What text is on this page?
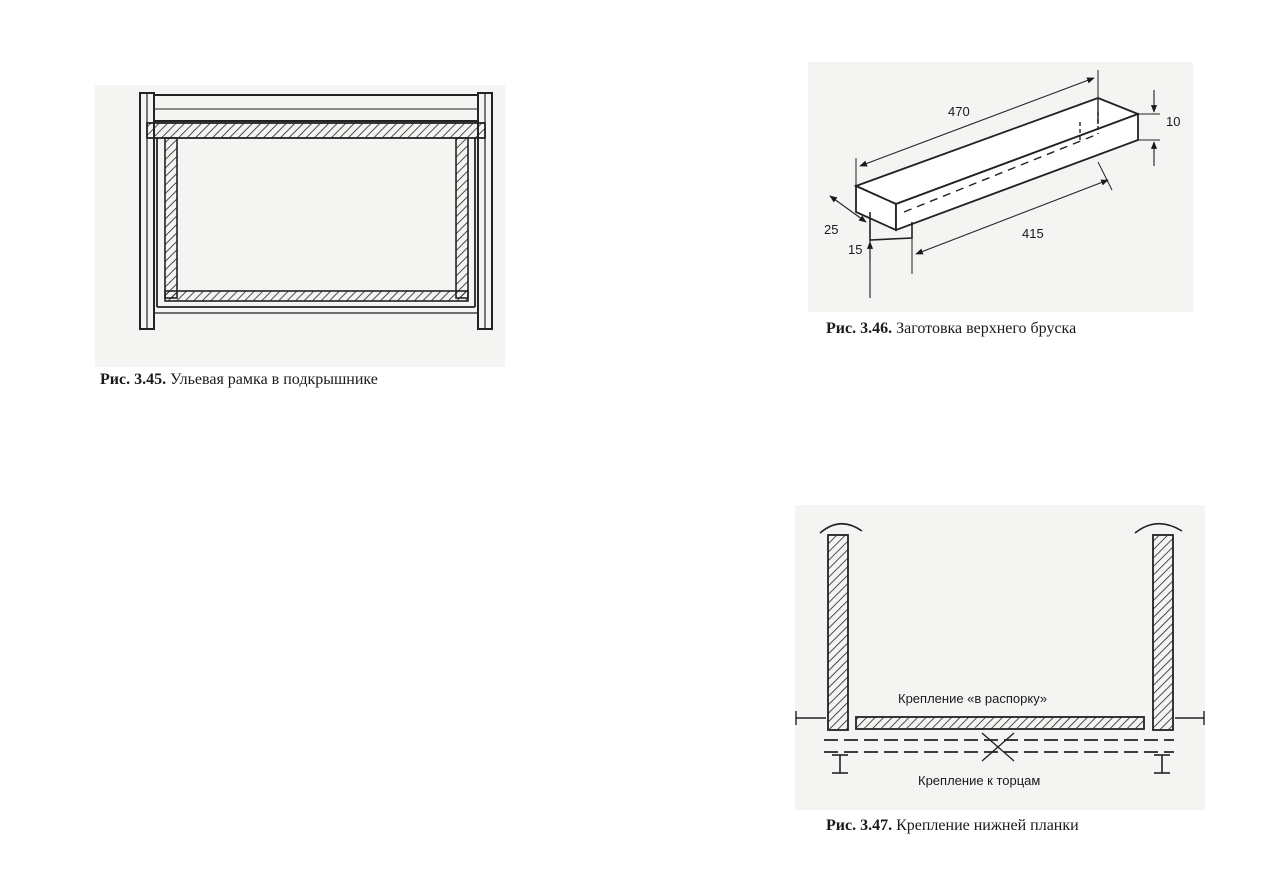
Рис. 3.45. Ульевая рамка в подкрышнике
470
10
415
25
15
Рис. 3.46. Заготовка верхнего бруска
Крепление «в распорку»
Крепление к торцам
Рис. 3.47. Крепление нижней планки
